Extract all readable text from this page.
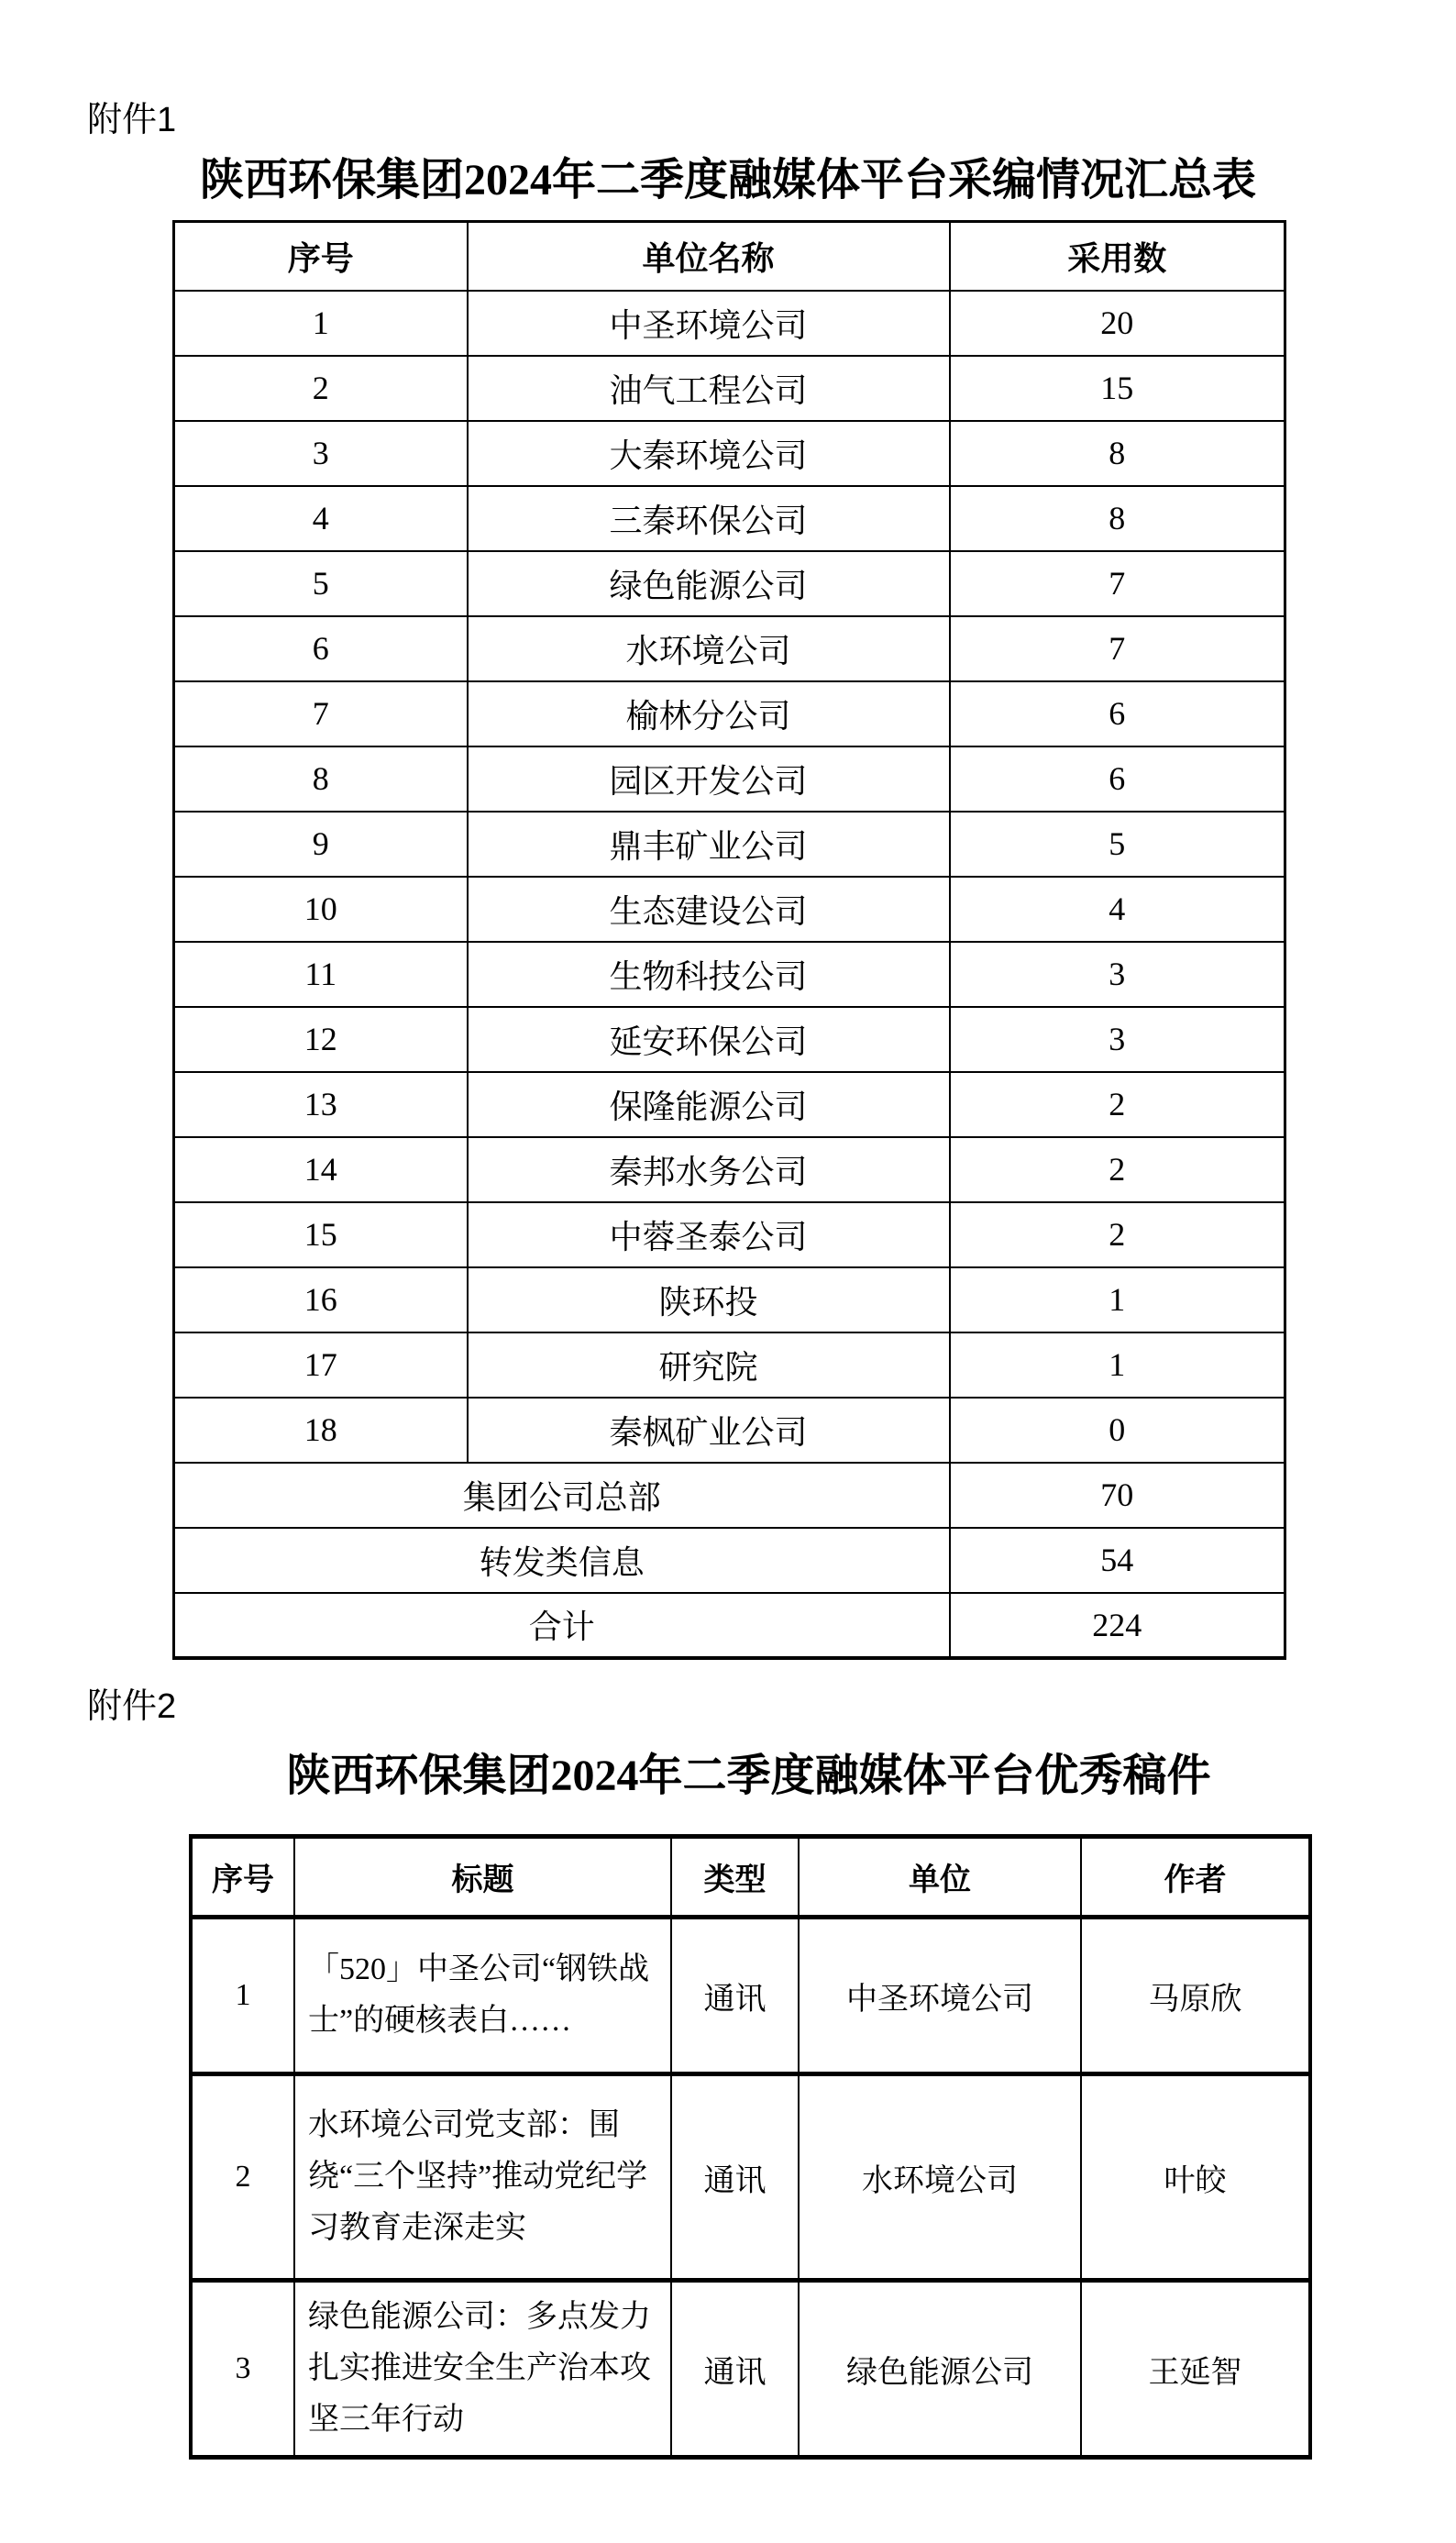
附件1
陕西环保集团2024年二季度融媒体平台采编情况汇总表
序号	单位名称	采用数
1	中圣环境公司	20
2	油气工程公司	15
3	大秦环境公司	8
4	三秦环保公司	8
5	绿色能源公司	7
6	水环境公司	7
7	榆林分公司	6
8	园区开发公司	6
9	鼎丰矿业公司	5
10	生态建设公司	4
11	生物科技公司	3
12	延安环保公司	3
13	保隆能源公司	2
14	秦邦水务公司	2
15	中蓉圣泰公司	2
16	陕环投	1
17	研究院	1
18	秦枫矿业公司	0
集团公司总部		70
转发类信息		54
合计		224
附件2
陕西环保集团2024年二季度融媒体平台优秀稿件
序号	标题	类型	单位	作者
1	「520」中圣公司“钢铁战士”的硬核表白……	通讯	中圣环境公司	马原欣
2	水环境公司党支部：围绕“三个坚持”推动党纪学习教育走深走实	通讯	水环境公司	叶皎
3	绿色能源公司：多点发力扎实推进安全生产治本攻坚三年行动	通讯	绿色能源公司	王延智
